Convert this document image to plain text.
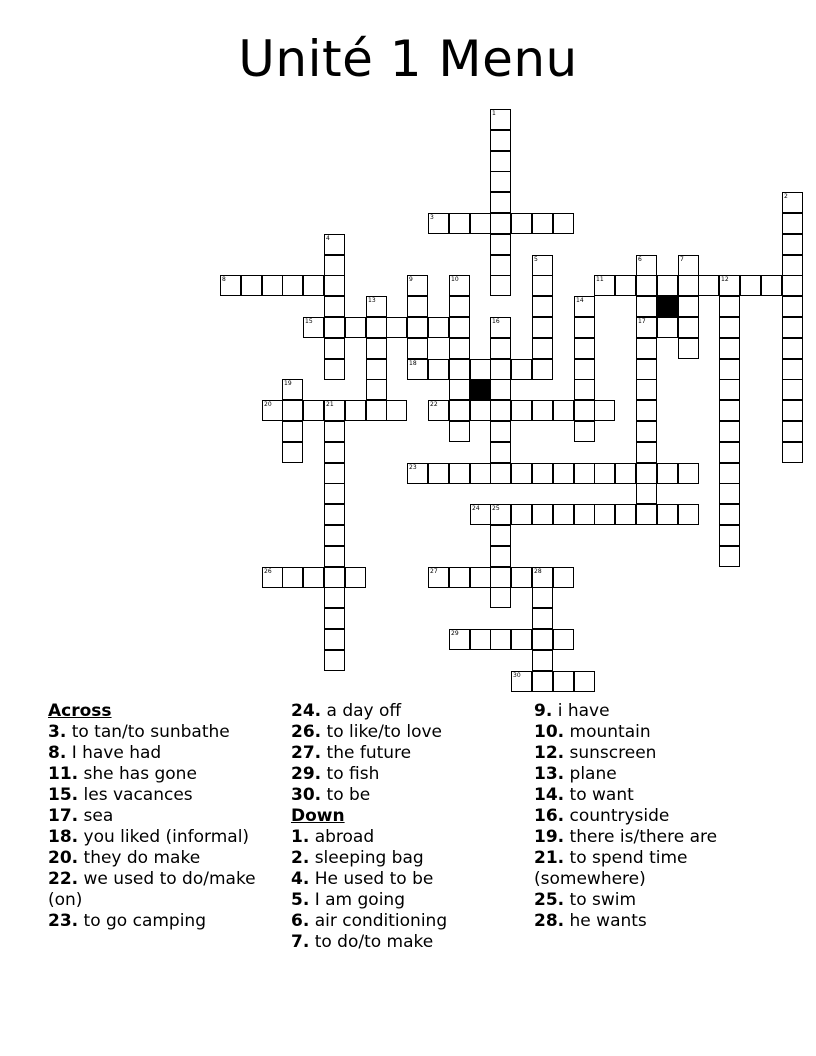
Unité 1 Menu
3
8	11	12
15	17
18
20	21	22
23
24 25
26	27	28
29
30
1
2
4
5	6	7
9	10
13	14
16
19
Across
3. to tan/to sunbathe
8. I have had
11. she has gone
15. les vacances
17. sea
18. you liked (informal)
20. they do make
22. we used to do/make (on)
23. to go camping
24. a day off
26. to like/to love
27. the future
29. to fish
30. to be
Down
1. abroad
2. sleeping bag
4. He used to be
5. I am going
6. air conditioning
7. to do/to make
9. i have
10. mountain
12. sunscreen
13. plane
14. to want
16. countryside
19. there is/there are
21. to spend time (somewhere)
25. to swim
28. he wants
